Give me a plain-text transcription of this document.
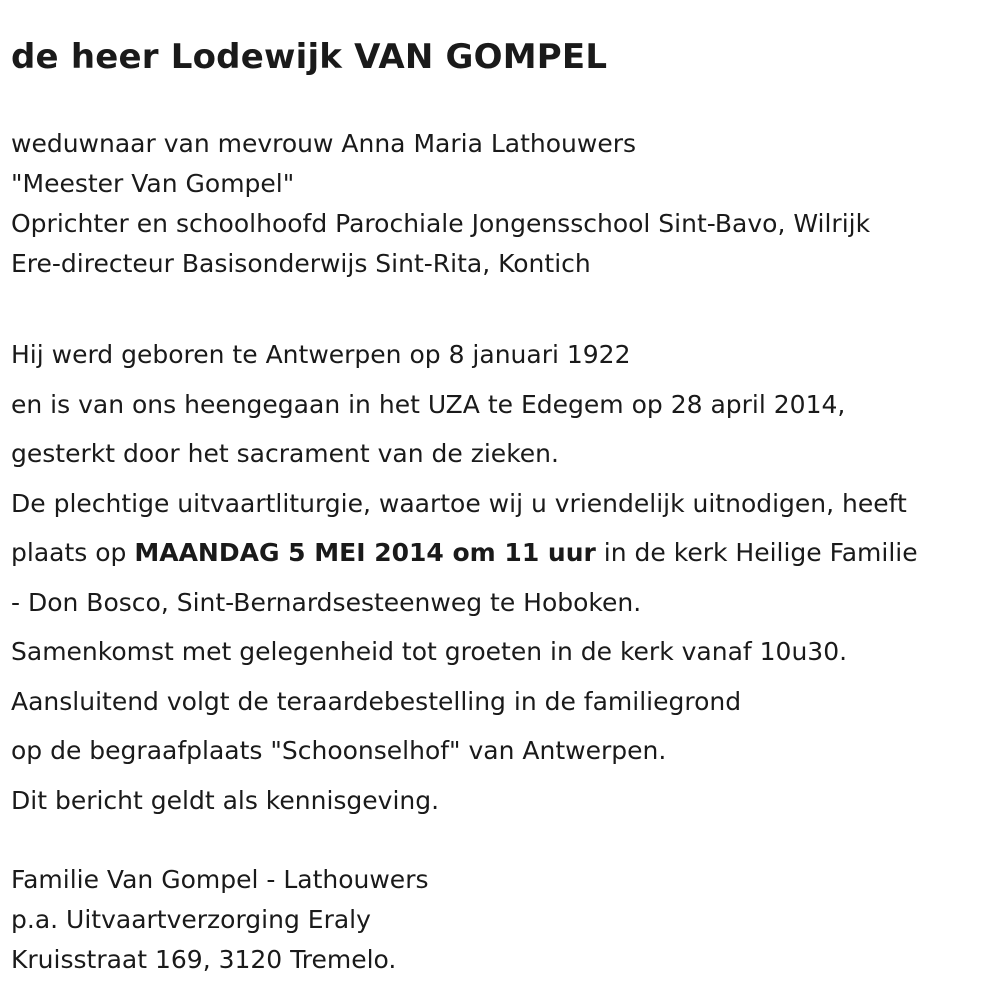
de heer Lodewijk VAN GOMPEL
weduwnaar van mevrouw Anna Maria Lathouwers
"Meester Van Gompel"
Oprichter en schoolhoofd Parochiale Jongensschool Sint-Bavo, Wilrijk
Ere-directeur Basisonderwijs Sint-Rita, Kontich
Hij werd geboren te Antwerpen op 8 januari 1922
en is van ons heengegaan in het UZA te Edegem op 28 april 2014,
gesterkt door het sacrament van de zieken.
De plechtige uitvaartliturgie, waartoe wij u vriendelijk uitnodigen, heeft
plaats op MAANDAG 5 MEI 2014 om 11 uur in de kerk Heilige Familie
- Don Bosco, Sint-Bernardsesteenweg te Hoboken.
Samenkomst met gelegenheid tot groeten in de kerk vanaf 10u30.
Aansluitend volgt de teraardebestelling in de familiegrond
op de begraafplaats "Schoonselhof" van Antwerpen.
Dit bericht geldt als kennisgeving.
Familie Van Gompel - Lathouwers
p.a. Uitvaartverzorging Eraly
Kruisstraat 169, 3120 Tremelo.
